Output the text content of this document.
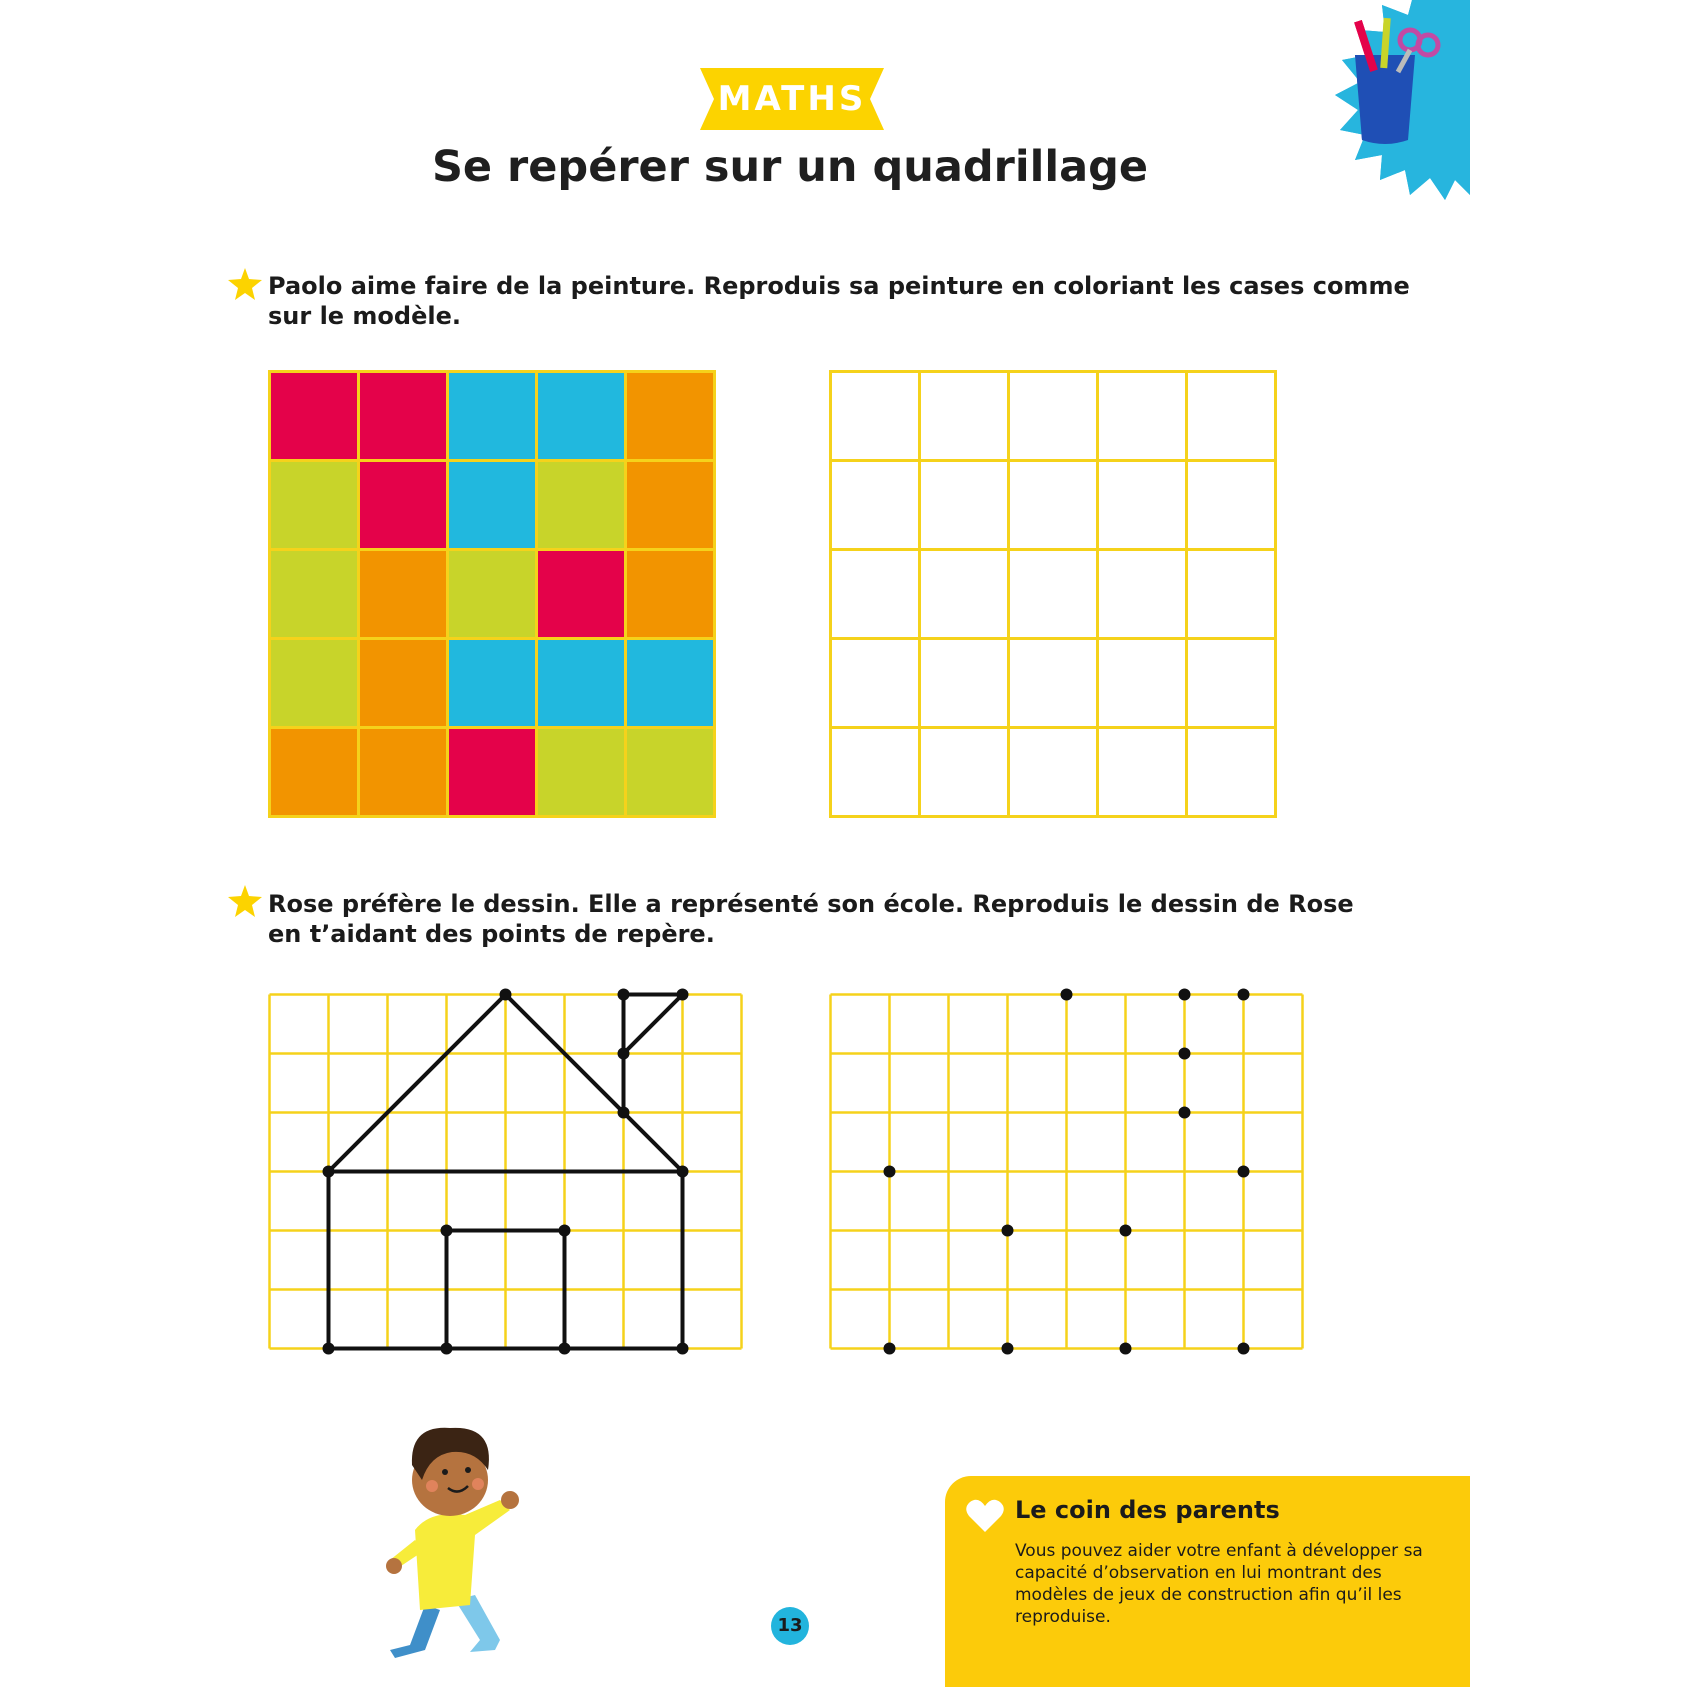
MATHS
Se repérer sur un quadrillage

Paolo aime faire de la peinture. Reproduis sa peinture en coloriant les cases comme
sur le modèle.

Rose préfère le dessin. Elle a représenté son école. Reproduis le dessin de Rose
en t’aidant des points de repère.

13
Le coin des parents

Vous pouvez aider votre enfant à développer sa capacité d’observation en lui montrant des modèles de jeux de construction afin qu’il les reproduise.
